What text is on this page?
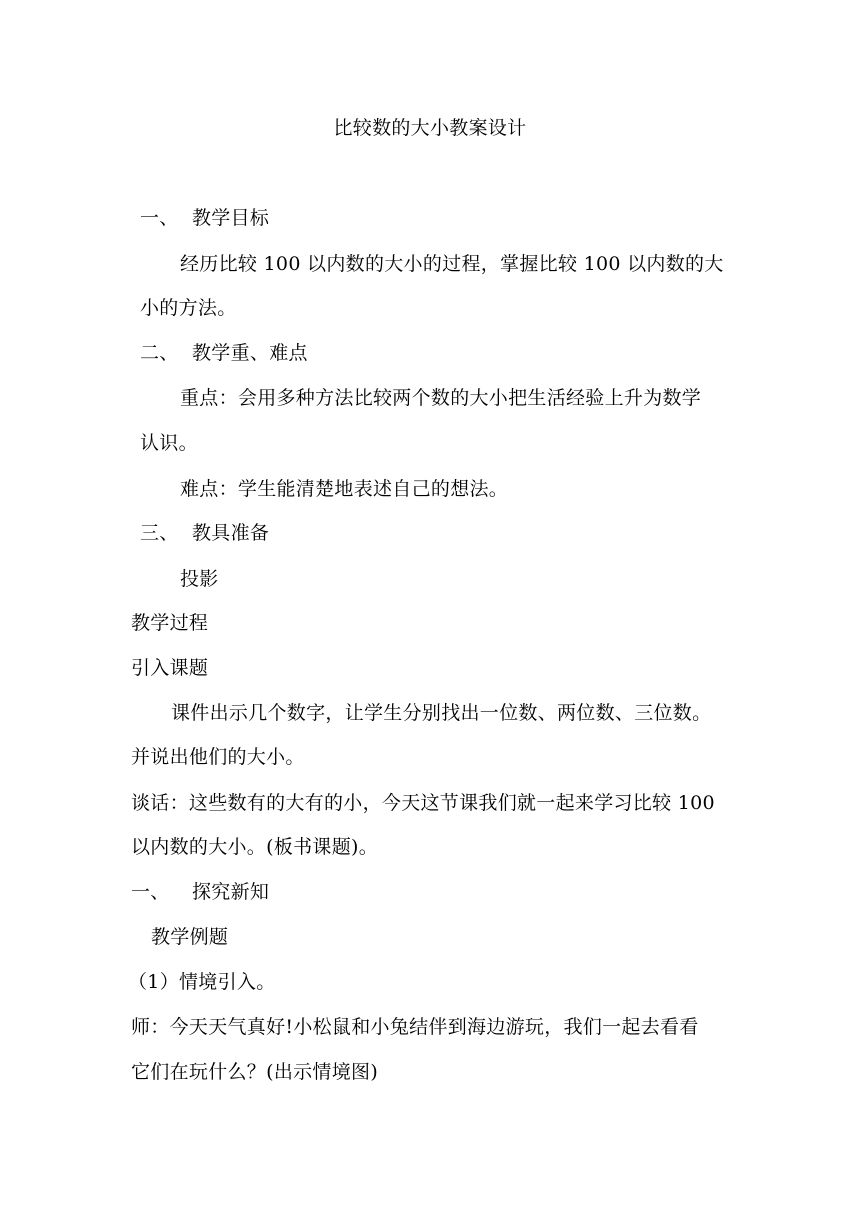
比较数的大小教案设计
一、 教学目标
经历比较 100 以内数的大小的过程，掌握比较 100 以内数的大
小的方法。
二、 教学重、难点
重点：会用多种方法比较两个数的大小把生活经验上升为数学
认识。
难点：学生能清楚地表述自己的想法。
三、 教具准备
投影
教学过程
引入课题
课件出示几个数字，让学生分别找出一位数、两位数、三位数。
并说出他们的大小。
谈话：这些数有的大有的小，今天这节课我们就一起来学习比较 100
以内数的大小。(板书课题)。
一、 探究新知
教学例题
（1）情境引入。
师：今天天气真好!小松鼠和小兔结伴到海边游玩，我们一起去看看
它们在玩什么？(出示情境图)
